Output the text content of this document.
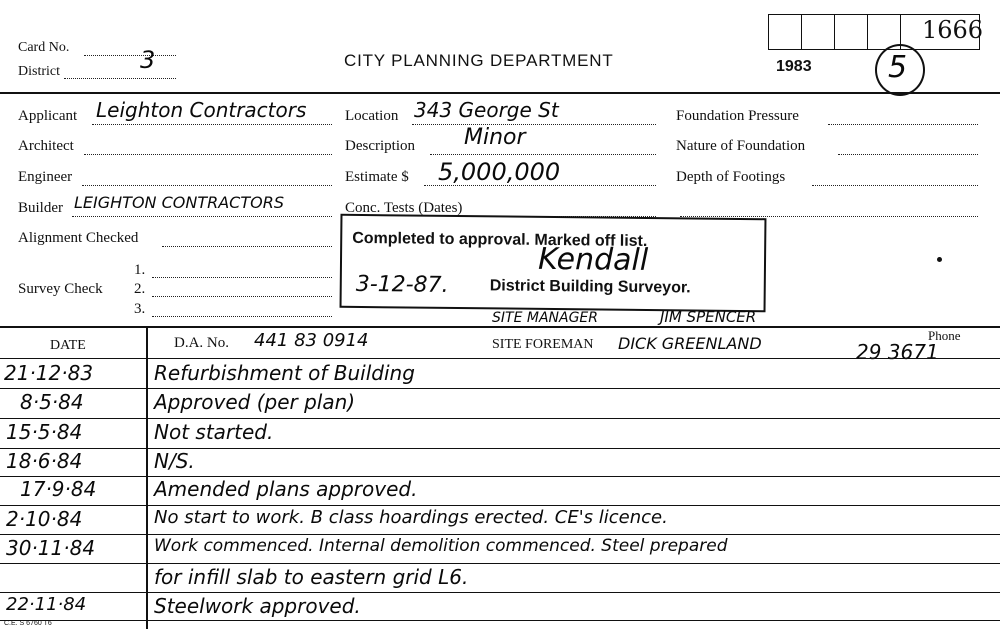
1666
5
Card No.	3
District
CITY PLANNING DEPARTMENT	1983
Applicant Leighton Contractors
Architect
Engineer
Builder LEIGHTON CONTRACTORS
Alignment Checked
Survey Check
1.
2.
3.
Location 343 George St
Description Minor
Estimate $ 5,000,000
Conc. Tests (Dates)
Foundation Pressure
Nature of Foundation
Depth of Footings
Completed to approval. Marked off list.
Kendall
3-12-87.	District Building Surveyor.
SITE MANAGER	JIM SPENCER
DATE	D.A. No. 441 83 0914	SITE FOREMAN DICK GREENLAND	Phone
29 3671
21·12·83	Refurbishment of Building
8·5·84	Approved (per plan)
15·5·84	Not started.
18·6·84	N/S.
17·9·84	Amended plans approved.
2·10·84	No start to work. B class hoardings erected. CE's licence.
30·11·84	Work commenced. Internal demolition commenced. Steel prepared
for infill slab to eastern grid L6.
22·11·84	Steelwork approved.
C.E. S 6760 T6
